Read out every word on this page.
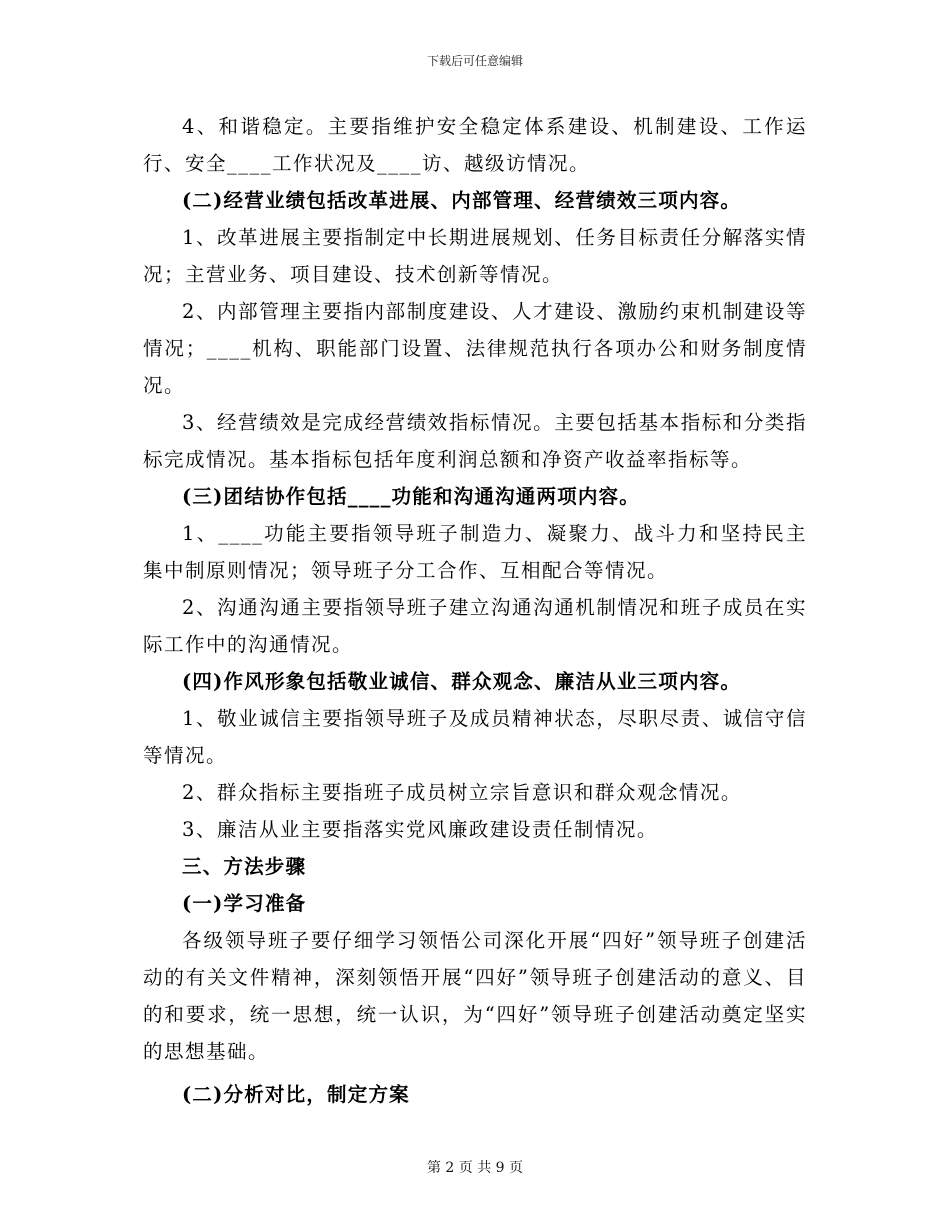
下载后可任意编辑

4、和谐稳定。主要指维护安全稳定体系建设、机制建设、工作运行、安全____工作状况及____访、越级访情况。

(二)经营业绩包括改革进展、内部管理、经营绩效三项内容。

1、改革进展主要指制定中长期进展规划、任务目标责任分解落实情况；主营业务、项目建设、技术创新等情况。

2、内部管理主要指内部制度建设、人才建设、激励约束机制建设等情况；____机构、职能部门设置、法律规范执行各项办公和财务制度情况。

3、经营绩效是完成经营绩效指标情况。主要包括基本指标和分类指标完成情况。基本指标包括年度利润总额和净资产收益率指标等。

(三)团结协作包括____功能和沟通沟通两项内容。

1、____功能主要指领导班子制造力、凝聚力、战斗力和坚持民主集中制原则情况；领导班子分工合作、互相配合等情况。

2、沟通沟通主要指领导班子建立沟通沟通机制情况和班子成员在实际工作中的沟通情况。

(四)作风形象包括敬业诚信、群众观念、廉洁从业三项内容。

1、敬业诚信主要指领导班子及成员精神状态，尽职尽责、诚信守信等情况。

2、群众指标主要指班子成员树立宗旨意识和群众观念情况。

3、廉洁从业主要指落实党风廉政建设责任制情况。

三、方法步骤

(一)学习准备

各级领导班子要仔细学习领悟公司深化开展“四好”领导班子创建活动的有关文件精神，深刻领悟开展“四好”领导班子创建活动的意义、目的和要求，统一思想，统一认识，为“四好”领导班子创建活动奠定坚实的思想基础。

(二)分析对比，制定方案

第 2 页 共 9 页
